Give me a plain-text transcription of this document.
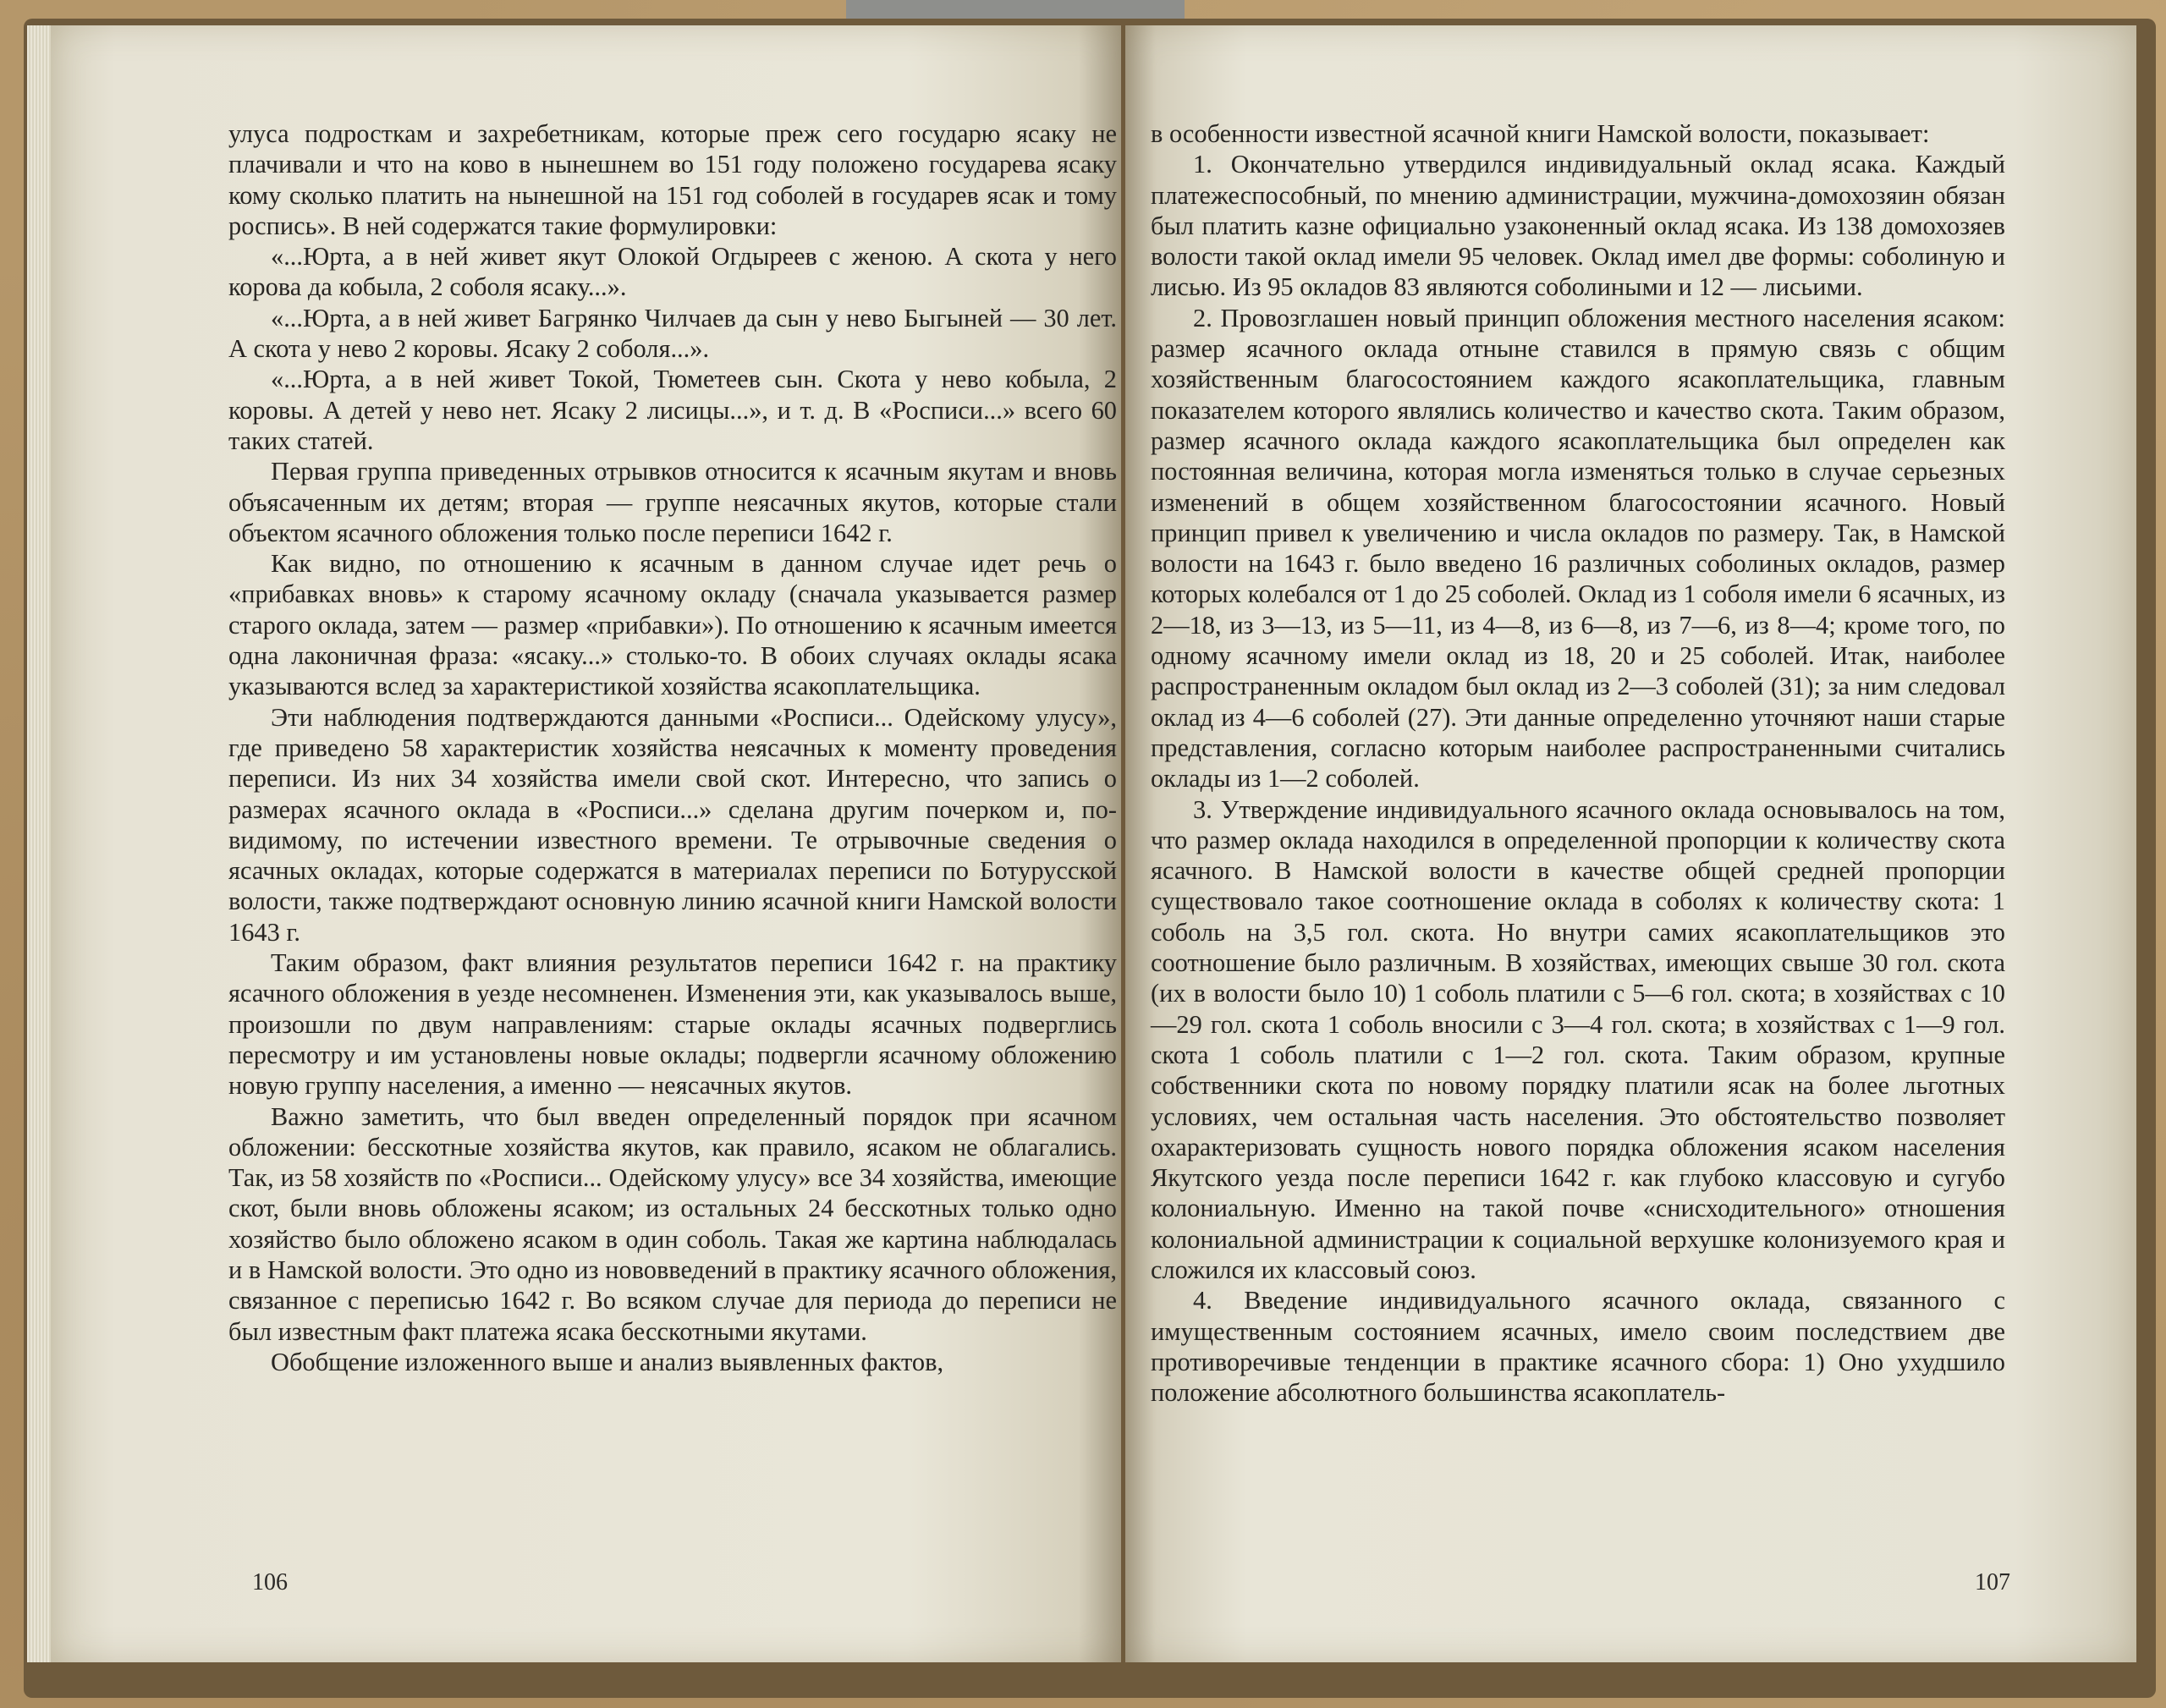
улуса подросткам и захребетникам, которые преж сего государю ясаку не плачивали и что на ково в нынешнем во 151 году положено государева ясаку кому сколько платить на нынешной на 151 год соболей в государев ясак и тому роспись». В ней содержатся такие формулировки:

«...Юрта, а в ней живет якут Олокой Огдыреев с женою. А скота у него корова да кобыла, 2 соболя ясаку...».

«...Юрта, а в ней живет Багрянко Чилчаев да сын у нево Быгыней — 30 лет. А скота у нево 2 коровы. Ясаку 2 соболя...».

«...Юрта, а в ней живет Токой, Тюметеев сын. Скота у нево кобыла, 2 коровы. А детей у нево нет. Ясаку 2 лисицы...», и т. д. В «Росписи...» всего 60 таких статей.

Первая группа приведенных отрывков относится к ясачным якутам и вновь объясаченным их детям; вторая — группе неясачных якутов, которые стали объектом ясачного обложения только после переписи 1642 г.

Как видно, по отношению к ясачным в данном случае идет речь о «прибавках вновь» к старому ясачному окладу (сначала указывается размер старого оклада, затем — размер «прибавки»). По отношению к ясачным имеется одна лаконичная фраза: «ясаку...» столько-то. В обоих случаях оклады ясака указываются вслед за характеристикой хозяйства ясакоплательщика.

Эти наблюдения подтверждаются данными «Росписи... Одейскому улусу», где приведено 58 характеристик хозяйства неясачных к моменту проведения переписи. Из них 34 хозяйства имели свой скот. Интересно, что запись о размерах ясачного оклада в «Росписи...» сделана другим почерком и, по-видимому, по истечении известного времени. Те отрывочные сведения о ясачных окладах, которые содержатся в материалах переписи по Ботурусской волости, также подтверждают основную линию ясачной книги Намской волости 1643 г.

Таким образом, факт влияния результатов переписи 1642 г. на практику ясачного обложения в уезде несомненен. Изменения эти, как указывалось выше, произошли по двум направлениям: старые оклады ясачных подверглись пересмотру и им установлены новые оклады; подвергли ясачному обложению новую группу населения, а именно — неясачных якутов.

Важно заметить, что был введен определенный порядок при ясачном обложении: бесскотные хозяйства якутов, как правило, ясаком не облагались. Так, из 58 хозяйств по «Росписи... Одейскому улусу» все 34 хозяйства, имеющие скот, были вновь обложены ясаком; из остальных 24 бесскотных только одно хозяйство было обложено ясаком в один соболь. Такая же картина наблюдалась и в Намской волости. Это одно из нововведений в практику ясачного обложения, связанное с переписью 1642 г. Во всяком случае для периода до переписи не был известным факт платежа ясака бесскотными якутами.

Обобщение изложенного выше и анализ выявленных фактов,

106

в особенности известной ясачной книги Намской волости, показывает:

1. Окончательно утвердился индивидуальный оклад ясака. Каждый платежеспособный, по мнению администрации, мужчина-домохозяин обязан был платить казне официально узаконенный оклад ясака. Из 138 домохозяев волости такой оклад имели 95 человек. Оклад имел две формы: соболиную и лисью. Из 95 окладов 83 являются соболиными и 12 — лисьими.

2. Провозглашен новый принцип обложения местного населения ясаком: размер ясачного оклада отныне ставился в прямую связь с общим хозяйственным благосостоянием каждого ясакоплательщика, главным показателем которого являлись количество и качество скота. Таким образом, размер ясачного оклада каждого ясакоплательщика был определен как постоянная величина, которая могла изменяться только в случае серьезных изменений в общем хозяйственном благосостоянии ясачного. Новый принцип привел к увеличению и числа окладов по размеру. Так, в Намской волости на 1643 г. было введено 16 различных соболиных окладов, размер которых колебался от 1 до 25 соболей. Оклад из 1 соболя имели 6 ясачных, из 2—18, из 3—13, из 5—11, из 4—8, из 6—8, из 7—6, из 8—4; кроме того, по одному ясачному имели оклад из 18, 20 и 25 соболей. Итак, наиболее распространенным окладом был оклад из 2—3 соболей (31); за ним следовал оклад из 4—6 соболей (27). Эти данные определенно уточняют наши старые представления, согласно которым наиболее распространенными считались оклады из 1—2 соболей.

3. Утверждение индивидуального ясачного оклада основывалось на том, что размер оклада находился в определенной пропорции к количеству скота ясачного. В Намской волости в качестве общей средней пропорции существовало такое соотношение оклада в соболях к количеству скота: 1 соболь на 3,5 гол. скота. Но внутри самих ясакоплательщиков это соотношение было различным. В хозяйствах, имеющих свыше 30 гол. скота (их в волости было 10) 1 соболь платили с 5—6 гол. скота; в хозяйствах с 10—29 гол. скота 1 соболь вносили с 3—4 гол. скота; в хозяйствах с 1—9 гол. скота 1 соболь платили с 1—2 гол. скота. Таким образом, крупные собственники скота по новому порядку платили ясак на более льготных условиях, чем остальная часть населения. Это обстоятельство позволяет охарактеризовать сущность нового порядка обложения ясаком населения Якутского уезда после переписи 1642 г. как глубоко классовую и сугубо колониальную. Именно на такой почве «снисходительного» отношения колониальной администрации к социальной верхушке колонизуемого края и сложился их классовый союз.

4. Введение индивидуального ясачного оклада, связанного с имущественным состоянием ясачных, имело своим последствием две противоречивые тенденции в практике ясачного сбора: 1) Оно ухудшило положение абсолютного большинства ясакоплатель-

107
